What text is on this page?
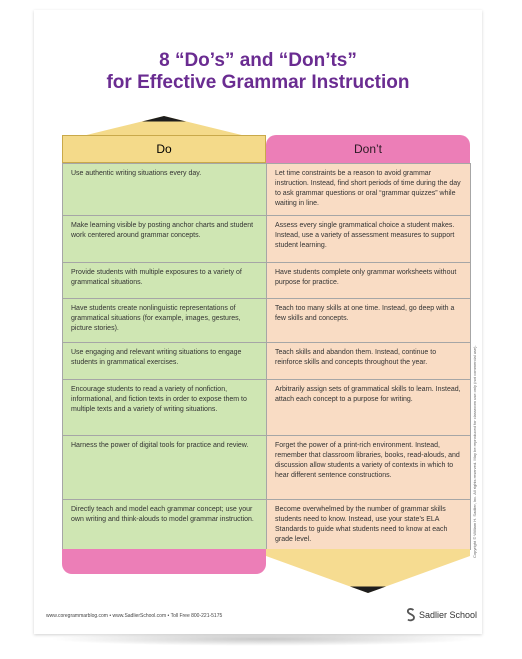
8 “Do’s” and “Don’ts”
for Effective Grammar Instruction
Do	Don’t
Use authentic writing situations every day.	Let time constraints be a reason to avoid grammar instruction. Instead, find short periods of time during the day to ask grammar questions or oral “grammar quizzes” while waiting in line.
Make learning visible by posting anchor charts and student work centered around grammar concepts.	Assess every single grammatical choice a student makes. Instead, use a variety of assessment measures to support student learning.
Provide students with multiple exposures to a variety of grammatical situations.	Have students complete only grammar worksheets without purpose for practice.
Have students create nonlinguistic representations of grammatical situations (for example, images, gestures, picture stories).	Teach too many skills at one time. Instead, go deep with a few skills and concepts.
Use engaging and relevant writing situations to engage students in grammatical exercises.	Teach skills and abandon them. Instead, continue to reinforce skills and concepts throughout the year.
Encourage students to read a variety of nonfiction, informational, and fiction texts in order to expose them to multiple texts and a variety of writing situations.	Arbitrarily assign sets of grammatical skills to learn. Instead, attach each concept to a purpose for writing.
Harness the power of digital tools for practice and review.	Forget the power of a print-rich environment. Instead, remember that classroom libraries, books, read-alouds, and discussion allow students a variety of contexts in which to hear different sentence constructions.
Directly teach and model each grammar concept; use your own writing and think-alouds to model grammar instruction.	Become overwhelmed by the number of grammar skills students need to know. Instead, use your state’s ELA Standards to guide what students need to know at each grade level.	Copyright © William H. Sadlier, Inc. All rights reserved. May be reproduced for classroom use only (not commercial use).
www.coregrammarblog.com • www.SadlierSchool.com • Toll Free 800-221-5175	Sadlier School
